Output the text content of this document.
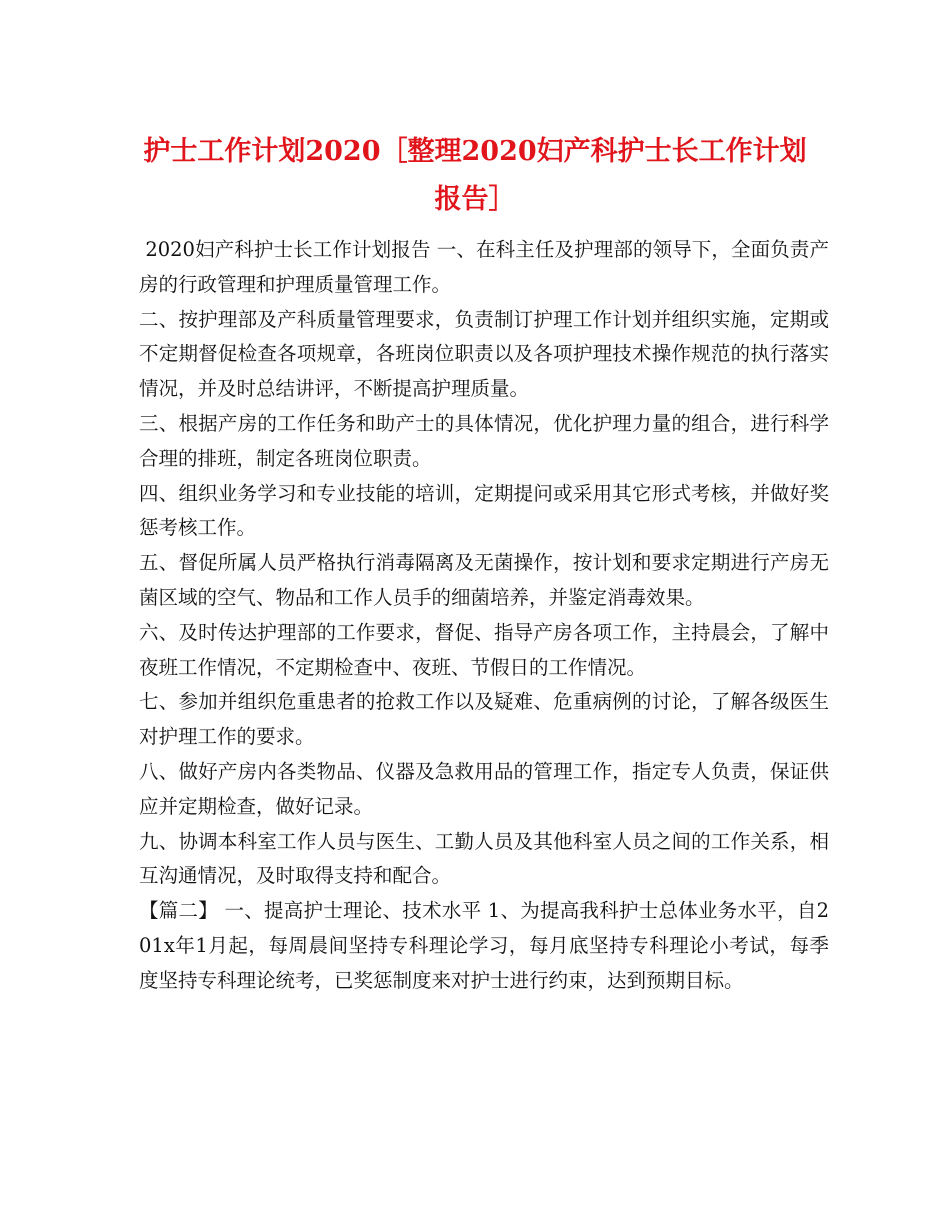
护士工作计划2020［整理2020妇产科护士长工作计划
报告］

2020妇产科护士长工作计划报告 一、在科主任及护理部的领导下，全面负责产房的行政管理和护理质量管理工作。

二、按护理部及产科质量管理要求，负责制订护理工作计划并组织实施，定期或不定期督促检查各项规章，各班岗位职责以及各项护理技术操作规范的执行落实情况，并及时总结讲评，不断提高护理质量。

三、根据产房的工作任务和助产士的具体情况，优化护理力量的组合，进行科学合理的排班，制定各班岗位职责。

四、组织业务学习和专业技能的培训，定期提问或采用其它形式考核，并做好奖惩考核工作。

五、督促所属人员严格执行消毒隔离及无菌操作，按计划和要求定期进行产房无菌区域的空气、物品和工作人员手的细菌培养，并鉴定消毒效果。

六、及时传达护理部的工作要求，督促、指导产房各项工作，主持晨会，了解中夜班工作情况，不定期检查中、夜班、节假日的工作情况。

七、参加并组织危重患者的抢救工作以及疑难、危重病例的讨论，了解各级医生对护理工作的要求。

八、做好产房内各类物品、仪器及急救用品的管理工作，指定专人负责，保证供应并定期检查，做好记录。

九、协调本科室工作人员与医生、工勤人员及其他科室人员之间的工作关系，相互沟通情况，及时取得支持和配合。

【篇二】 一、提高护士理论、技术水平 1、为提高我科护士总体业务水平，自201x年1月起，每周晨间坚持专科理论学习，每月底坚持专科理论小考试，每季度坚持专科理论统考，已奖惩制度来对护士进行约束，达到预期目标。
